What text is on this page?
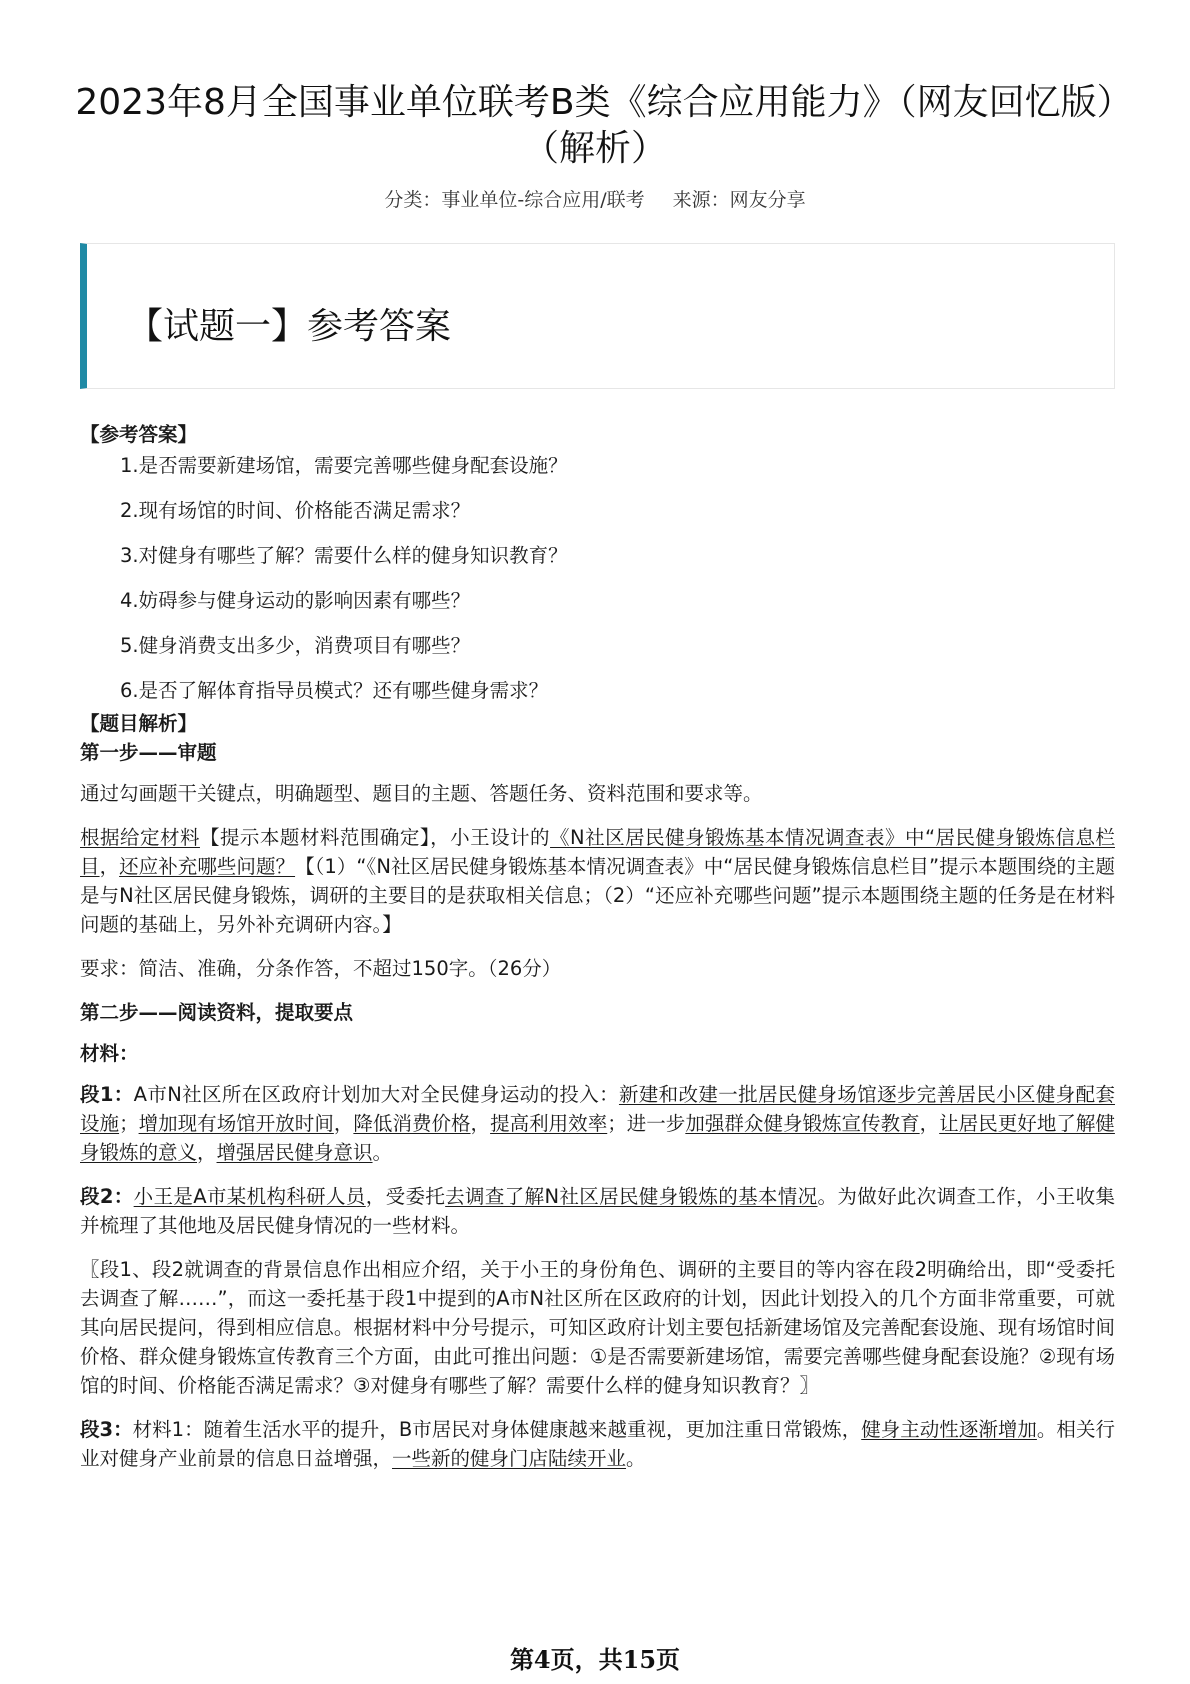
2023年8月全国事业单位联考B类《综合应用能力》（网友回忆版）（解析）
分类：事业单位-综合应用/联考 来源：网友分享
【试题一】参考答案
【参考答案】
1.是否需要新建场馆，需要完善哪些健身配套设施？
2.现有场馆的时间、价格能否满足需求？
3.对健身有哪些了解？需要什么样的健身知识教育？
4.妨碍参与健身运动的影响因素有哪些？
5.健身消费支出多少，消费项目有哪些？
6.是否了解体育指导员模式？还有哪些健身需求？
【题目解析】
第一步——审题

通过勾画题干关键点，明确题型、题目的主题、答题任务、资料范围和要求等。

根据给定材料【提示本题材料范围确定】，小王设计的《N社区居民健身锻炼基本情况调查表》中“居民健身锻炼信息栏目，还应补充哪些问题？【（1）“《N社区居民健身锻炼基本情况调查表》中“居民健身锻炼信息栏目”提示本题围绕的主题是与N社区居民健身锻炼，调研的主要目的是获取相关信息；（2）“还应补充哪些问题”提示本题围绕主题的任务是在材料问题的基础上，另外补充调研内容。】

要求：简洁、准确，分条作答，不超过150字。（26分）

第二步——阅读资料，提取要点

材料：

段1：A市N社区所在区政府计划加大对全民健身运动的投入：新建和改建一批居民健身场馆逐步完善居民小区健身配套设施；增加现有场馆开放时间，降低消费价格，提高利用效率；进一步加强群众健身锻炼宣传教育，让居民更好地了解健身锻炼的意义，增强居民健身意识。

段2：小王是A市某机构科研人员，受委托去调查了解N社区居民健身锻炼的基本情况。为做好此次调查工作，小王收集并梳理了其他地及居民健身情况的一些材料。

〖段1、段2就调查的背景信息作出相应介绍，关于小王的身份角色、调研的主要目的等内容在段2明确给出，即“受委托去调查了解……”，而这一委托基于段1中提到的A市N社区所在区政府的计划，因此计划投入的几个方面非常重要，可就其向居民提问，得到相应信息。根据材料中分号提示，可知区政府计划主要包括新建场馆及完善配套设施、现有场馆时间价格、群众健身锻炼宣传教育三个方面，由此可推出问题：①是否需要新建场馆，需要完善哪些健身配套设施？②现有场馆的时间、价格能否满足需求？③对健身有哪些了解？需要什么样的健身知识教育？〗

段3：材料1：随着生活水平的提升，B市居民对身体健康越来越重视，更加注重日常锻炼，健身主动性逐渐增加。相关行业对健身产业前景的信息日益增强，一些新的健身门店陆续开业。

第4页，共15页
